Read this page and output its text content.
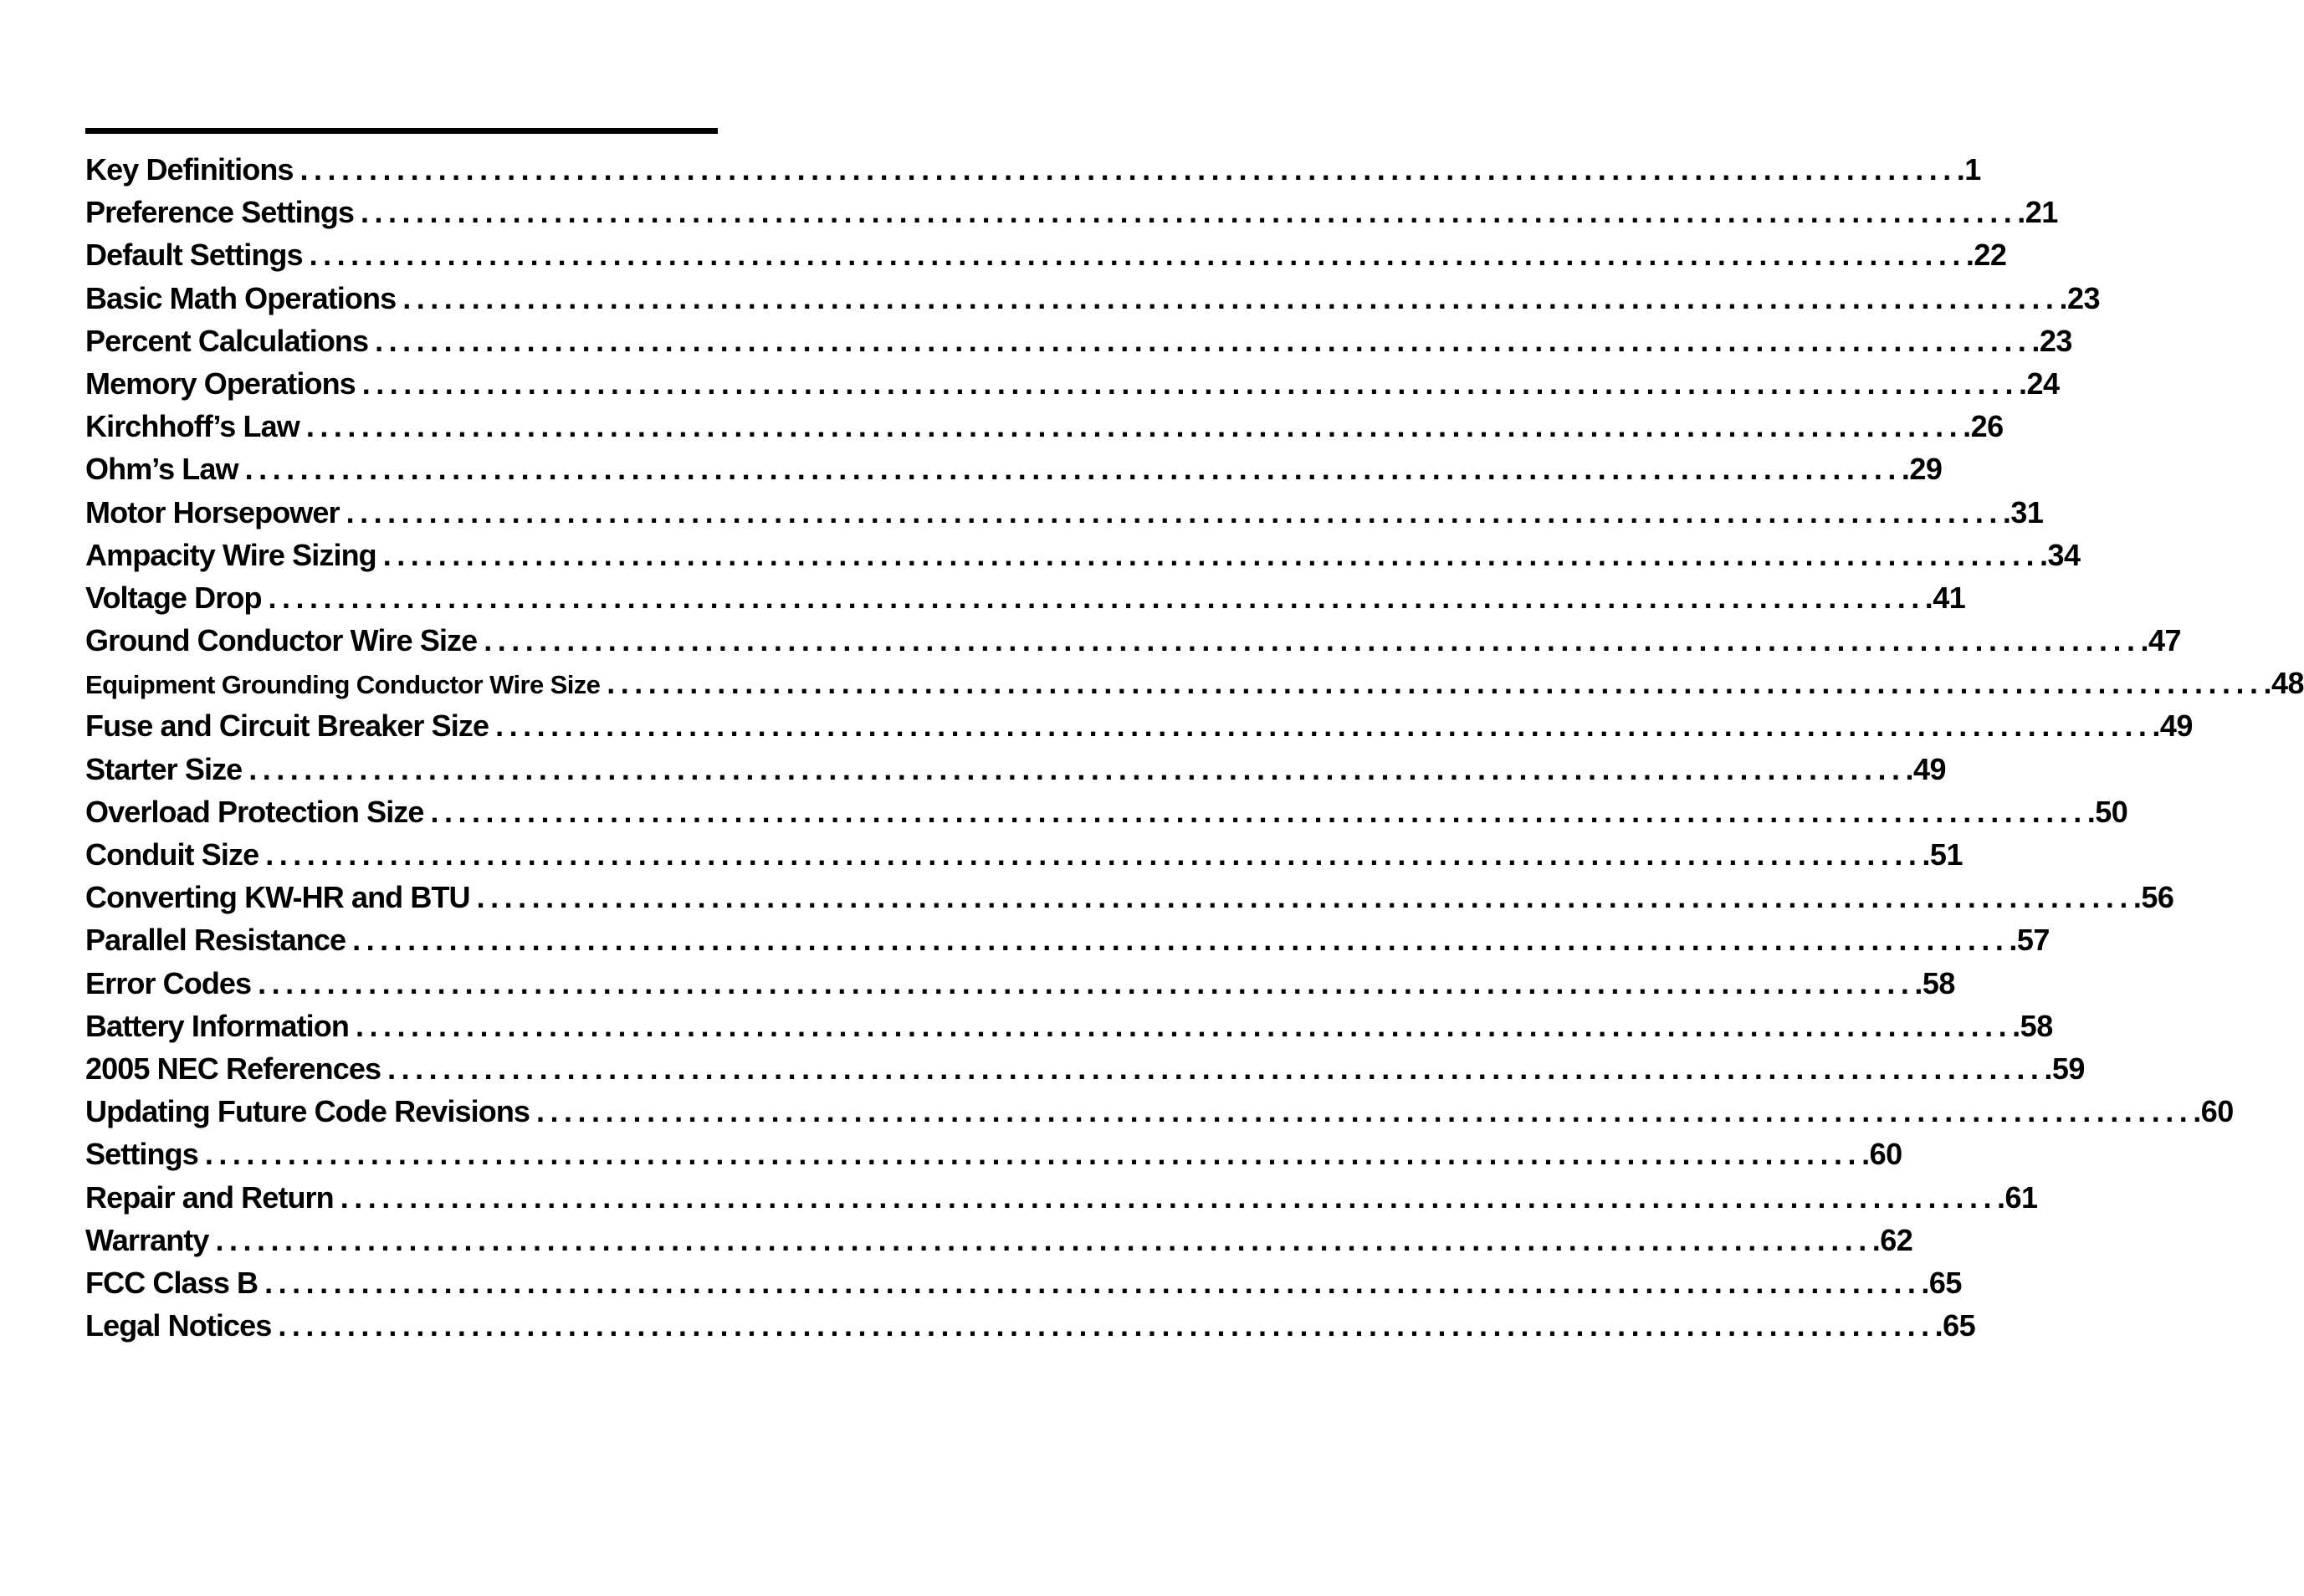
Key Definitions ........................................................................................................................ .1
Preference Settings ........................................................................................................................ .21
Default Settings ........................................................................................................................ .22
Basic Math Operations ........................................................................................................................ .23
Percent Calculations ........................................................................................................................ .23
Memory Operations ........................................................................................................................ .24
Kirchhoff’s Law ........................................................................................................................ .26
Ohm’s Law ........................................................................................................................ .29
Motor Horsepower ........................................................................................................................ .31
Ampacity Wire Sizing ........................................................................................................................ .34
Voltage Drop ........................................................................................................................ .41
Ground Conductor Wire Size ........................................................................................................................ .47
Equipment Grounding Conductor Wire Size ........................................................................................................................ .48
Fuse and Circuit Breaker Size ........................................................................................................................ .49
Starter Size ........................................................................................................................ .49
Overload Protection Size ........................................................................................................................ .50
Conduit Size ........................................................................................................................ .51
Converting KW-HR and BTU ........................................................................................................................ .56
Parallel Resistance ........................................................................................................................ .57
Error Codes ........................................................................................................................ .58
Battery Information ........................................................................................................................ .58
2005 NEC References ........................................................................................................................ .59
Updating Future Code Revisions ........................................................................................................................ .60
Settings ........................................................................................................................ .60
Repair and Return ........................................................................................................................ .61
Warranty ........................................................................................................................ .62
FCC Class B ........................................................................................................................ .65
Legal Notices ........................................................................................................................ .65
